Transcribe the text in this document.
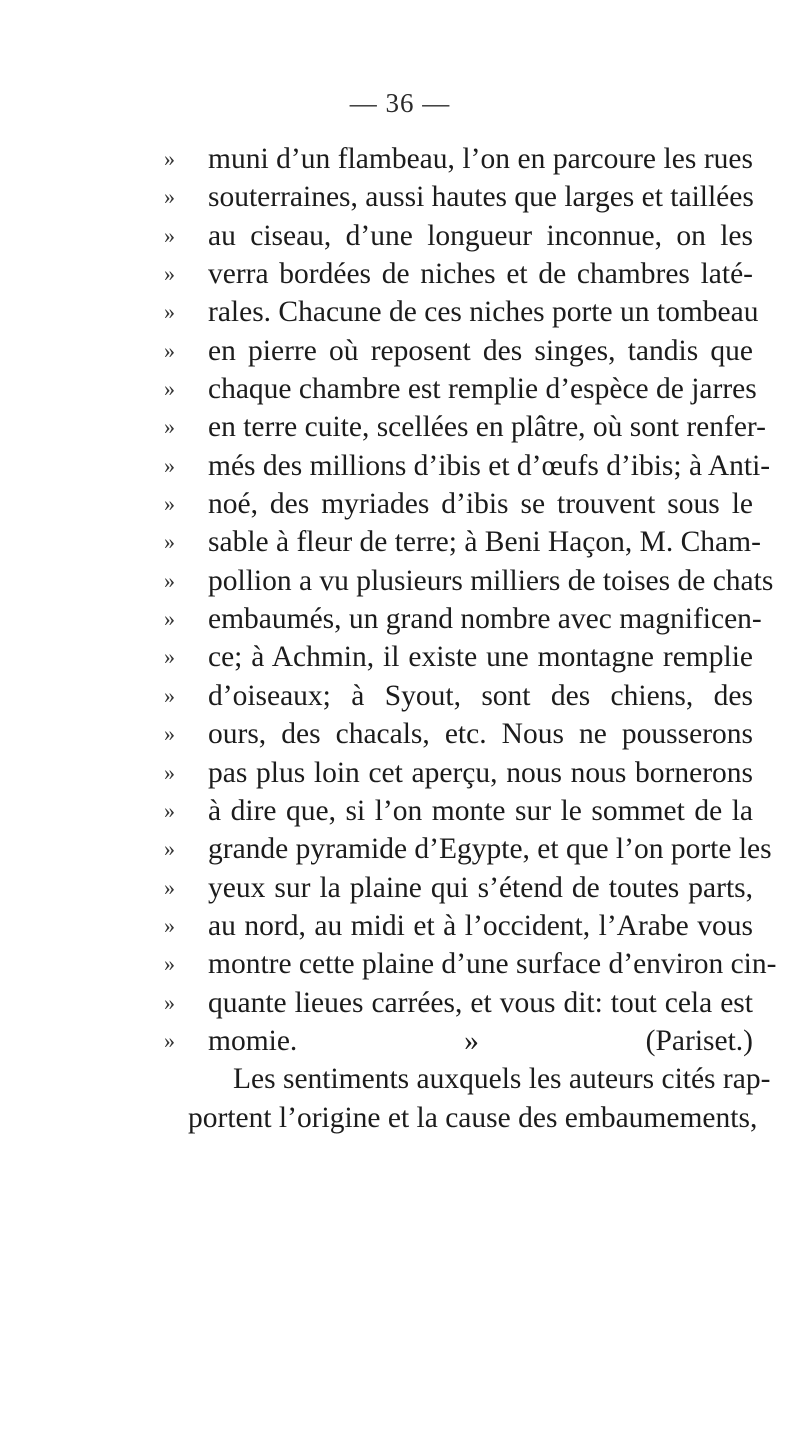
— 36 —
»	muni d’un flambeau, l’on en parcoure les rues
»	souterraines, aussi hautes que larges et taillées
»	au ciseau, d’une longueur inconnue, on les
»	verra bordées de niches et de chambres laté-
»	rales. Chacune de ces niches porte un tombeau
»	en pierre où reposent des singes, tandis que
»	chaque chambre est remplie d’espèce de jarres
»	en terre cuite, scellées en plâtre, où sont renfer-
»	més des millions d’ibis et d’œufs d’ibis; à Anti-
»	noé, des myriades d’ibis se trouvent sous le
»	sable à fleur de terre; à Beni Haçon, M. Cham-
»	pollion a vu plusieurs milliers de toises de chats
»	embaumés, un grand nombre avec magnificen-
»	ce; à Achmin, il existe une montagne remplie
»	d’oiseaux; à Syout, sont des chiens, des
»	ours, des chacals, etc. Nous ne pousserons
»	pas plus loin cet aperçu, nous nous bornerons
»	à dire que, si l’on monte sur le sommet de la
»	grande pyramide d’Egypte, et que l’on porte les
»	yeux sur la plaine qui s’étend de toutes parts,
»	au nord, au midi et à l’occident, l’Arabe vous
»	montre cette plaine d’une surface d’environ cin-
»	quante lieues carrées, et vous dit: tout cela est
»	momie. » (Pariset.)
Les sentiments auxquels les auteurs cités rap-
portent l’origine et la cause des embaumements,
